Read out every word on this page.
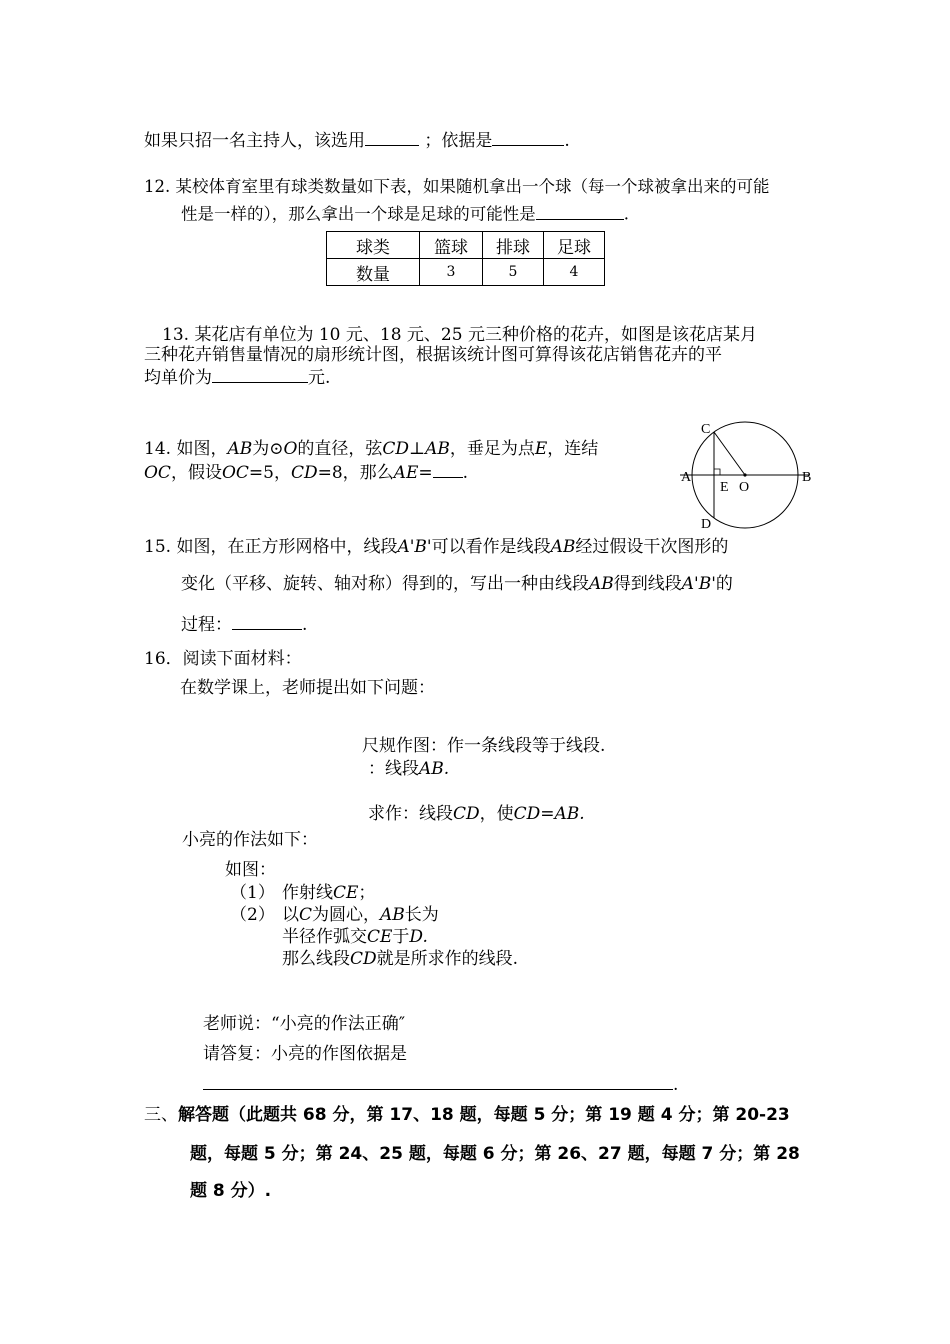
如果只招一名主持人，该选用	；依据是	.
12. 某校体育室里有球类数量如下表，如果随机拿出一个球（每一个球被拿出来的可能
性是一样的），那么拿出一个球是足球的可能性是	.
球类	篮球	排球	足球
数量	3	5	4
13. 某花店有单位为 10 元、18 元、25 元三种价格的花卉，如图是该花店某月
三种花卉销售量情况的扇形统计图，根据该统计图可算得该花店销售花卉的平
均单价为	元.
14. 如图，AB为⊙O的直径，弦CD⊥AB，垂足为点E，连结
OC，假设OC=5，CD=8，那么AE= .
C
A	B
E O
D
15. 如图，在正方形网格中，线段A'B'可以看作是线段AB经过假设干次图形的
变化（平移、旋转、轴对称）得到的，写出一种由线段AB得到线段A'B'的
过程：	.
16．阅读下面材料：
在数学课上，老师提出如下问题：
尺规作图：作一条线段等于线段.
：线段AB.
求作：线段CD，使CD=AB.
小亮的作法如下：
如图：
（1） 作射线CE；
（2） 以C为圆心，AB长为
半径作弧交CE于D.
那么线段CD就是所求作的线段.
老师说：“小亮的作法正确″
请答复：小亮的作图依据是
.
三、解答题（此题共 68 分，第 17、18 题，每题 5 分；第 19 题 4 分；第 20-23
题，每题 5 分；第 24、25 题，每题 6 分；第 26、27 题，每题 7 分；第 28
题 8 分）.
